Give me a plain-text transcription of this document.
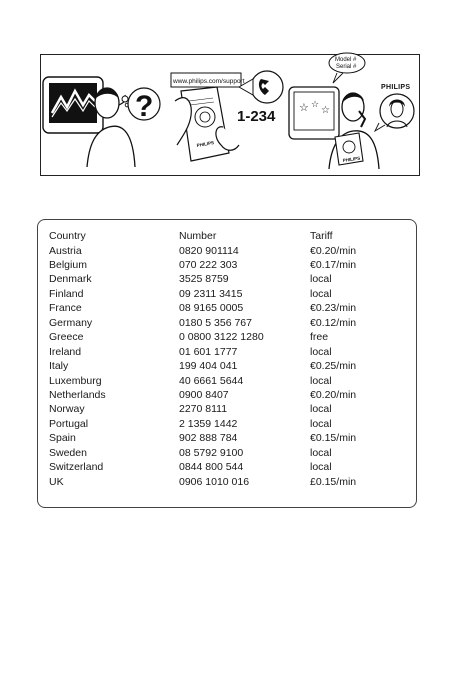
?
www.philips.com/support
PHILIPS
1-234
☆ ☆ ☆
Model #
Serial #
PHILIPS
PHILIPS
Country	Number	Tariff
Austria	0820 901114	€0.20/min
Belgium	070 222 303	€0.17/min
Denmark	3525 8759	local
Finland	09 2311 3415	local
France	08 9165 0005	€0.23/min
Germany	0180 5 356 767	€0.12/min
Greece	0 0800 3122 1280	free
Ireland	01 601 1777	local
Italy	199 404 041	€0.25/min
Luxemburg	40 6661 5644	local
Netherlands	0900 8407	€0.20/min
Norway	2270 8111	local
Portugal	2 1359 1442	local
Spain	902 888 784	€0.15/min
Sweden	08 5792 9100	local
Switzerland	0844 800 544	local
UK	0906 1010 016	£0.15/min
